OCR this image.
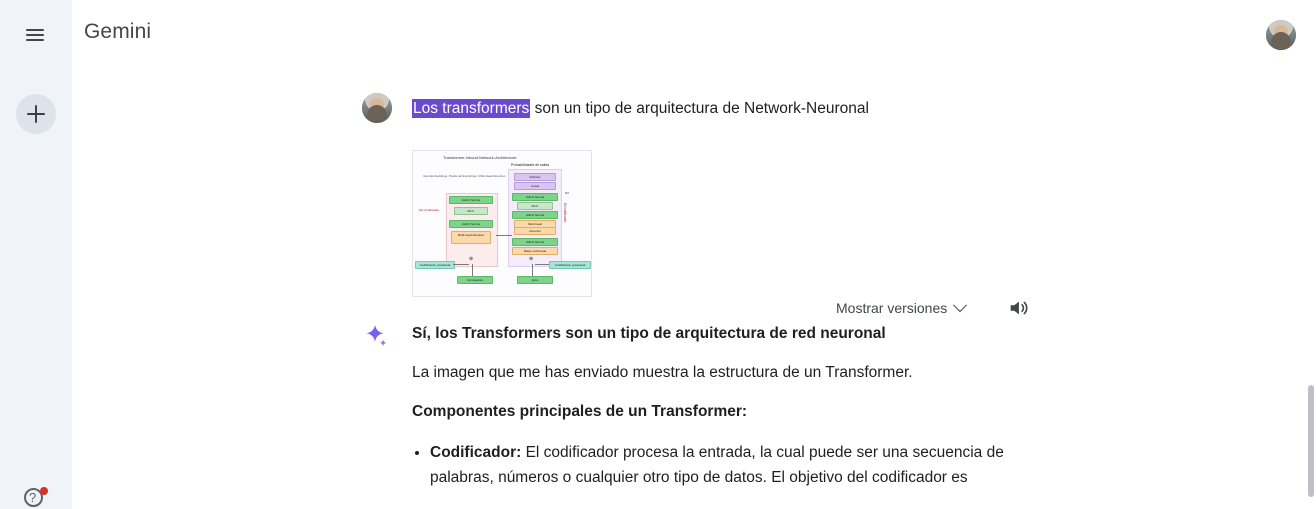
?
Gemini
Los transformers son un tipo de arquitectura de Network-Neuronal
Transformer-Neural-Network-Architecture.
Input Embeddings, Positional Encodings, Multi-Head Attention
Probabilidades de salida
NX-Codificador
NX
Decodificador
Softmax
Lineal
Add & Norma
MLP-
Add & Norma
Multi-head
Atencion
Add & Norma
Masq-multi-head
Add & Norma
MLP-
Add & Norma
Multi-head Attention
Codificacion posicional
Incrustacion
Codificacion posicional
Ents
⊕	⊕
Mostrar versiones
Sí, los Transformers son un tipo de arquitectura de red neuronal
La imagen que me has enviado muestra la estructura de un Transformer.
Componentes principales de un Transformer:
• Codificador: El codificador procesa la entrada, la cual puede ser una secuencia de palabras, números o cualquier otro tipo de datos. El objetivo del codificador es
